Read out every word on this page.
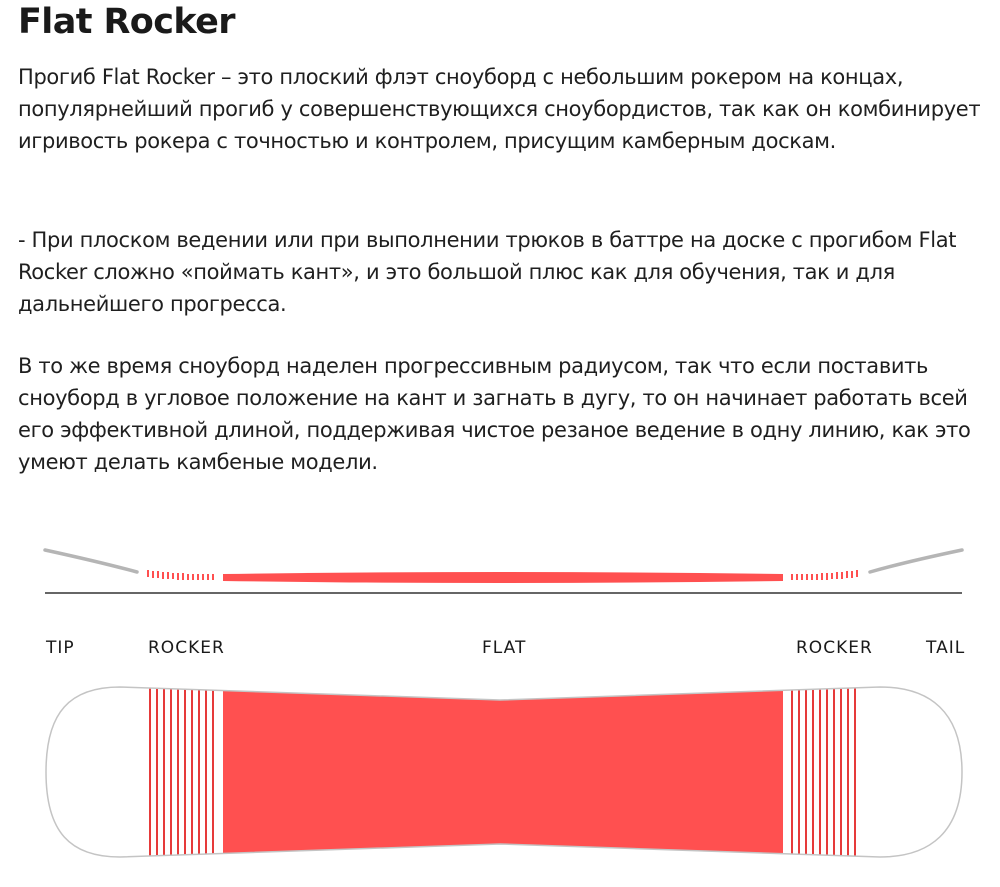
Flat Rocker

Прогиб Flat Rocker – это плоский флэт сноуборд с небольшим рокером на концах, популярнейший прогиб у совершенствующихся сноубордистов, так как он комбинирует игривость рокера с точностью и контролем, присущим камберным доскам.

- При плоском ведении или при выполнении трюков в баттре на доске с прогибом Flat Rocker сложно «поймать кант», и это большой плюс как для обучения, так и для дальнейшего прогресса.

В то же время сноуборд наделен прогрессивным радиусом, так что если поставить сноуборд в угловое положение на кант и загнать в дугу, то он начинает работать всей его эффективной длиной, поддерживая чистое резаное ведение в одну линию, как это умеют делать камбеные модели.

TIP	ROCKER	FLAT	ROCKER	TAIL
